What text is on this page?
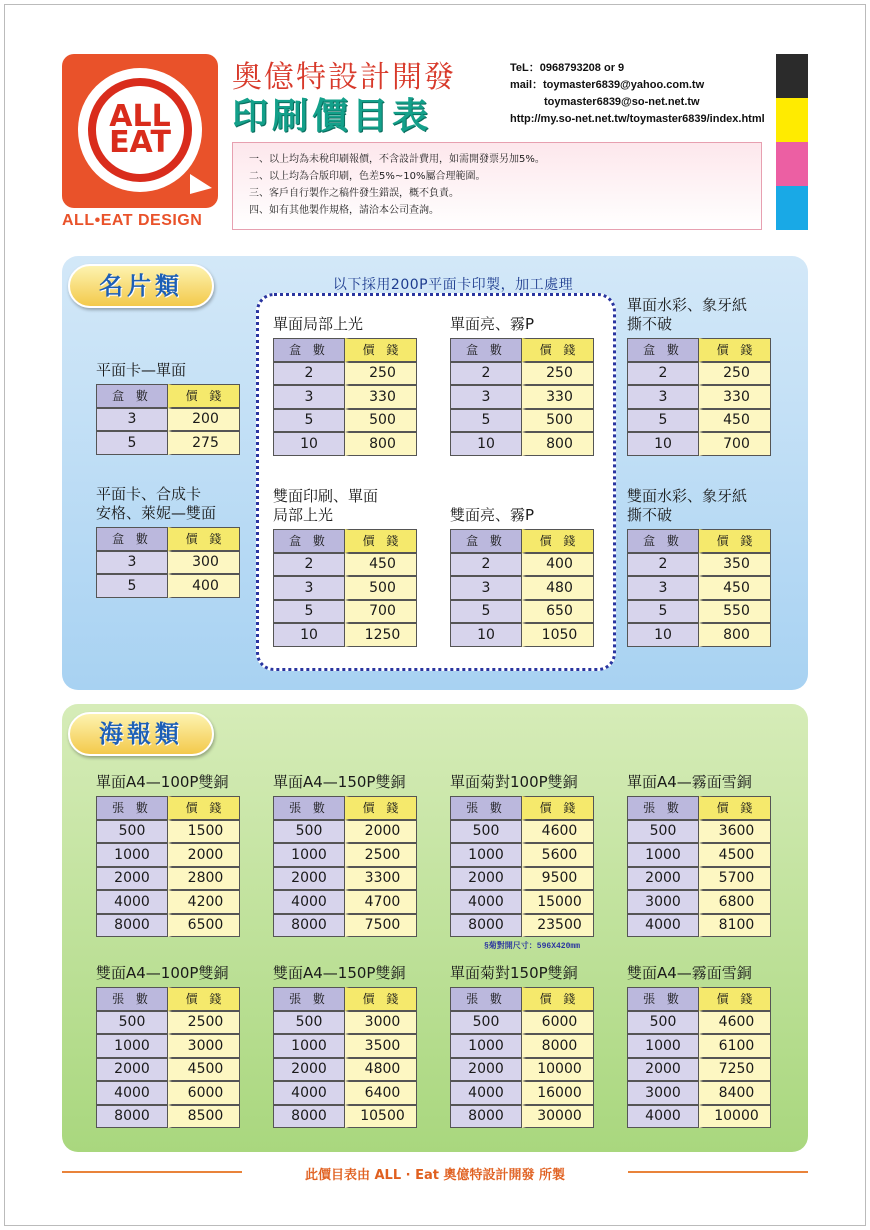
ALL EAT
ALL•EAT DESIGN
奧億特設計開發
印刷價目表
TeL：0968793208 or 9
mail：toymaster6839@yahoo.com.tw
toymaster6839@so-net.net.tw
http://my.so-net.net.tw/toymaster6839/index.html
一、以上均為未稅印刷報價，不含設計費用，如需開發票另加5%。
二、以上均為合版印刷，色差5%~10%屬合理範圍。
三、客戶自行製作之稿件發生錯誤，概不負責。
四、如有其他製作規格，請洽本公司查詢。
名片類	以下採用200P平面卡印製，加工處理
平面卡—單面
盒 數	價 錢
3	200
5	275
平面卡、合成卡
安格、萊妮—雙面
盒 數	價 錢
3	300
5	400
單面局部上光
盒 數	價 錢
2	250
3	330
5	500
10	800
單面亮、霧P
盒 數	價 錢
2	250
3	330
5	500
10	800
單面水彩、象牙紙
撕不破
盒 數	價 錢
2	250
3	330
5	450
10	700
雙面印刷、單面
局部上光
盒 數	價 錢
2	450
3	500
5	700
10	1250
雙面亮、霧P
盒 數	價 錢
2	400
3	480
5	650
10	1050
雙面水彩、象牙紙
撕不破
盒 數	價 錢
2	350
3	450
5	550
10	800
海報類
單面A4—100P雙銅
張 數	價 錢
500	1500
1000	2000
2000	2800
4000	4200
8000	6500
單面A4—150P雙銅
張 數	價 錢
500	2000
1000	2500
2000	3300
4000	4700
8000	7500
單面菊對100P雙銅
張 數	價 錢
500	4600
1000	5600
2000	9500
4000	15000
8000	23500
單面A4—霧面雪銅
張 數	價 錢
500	3600
1000	4500
2000	5700
3000	6800
4000	8100
雙面A4—100P雙銅
張 數	價 錢
500	2500
1000	3000
2000	4500
4000	6000
8000	8500
雙面A4—150P雙銅
張 數	價 錢
500	3000
1000	3500
2000	4800
4000	6400
8000	10500
單面菊對150P雙銅
張 數	價 錢
500	6000
1000	8000
2000	10000
4000	16000
8000	30000
雙面A4—霧面雪銅
張 數	價 錢
500	4600
1000	6100
2000	7250
3000	8400
4000	10000
§菊對開尺寸：596X420mm
此價目表由 ALL · Eat 奧億特設計開發 所製
